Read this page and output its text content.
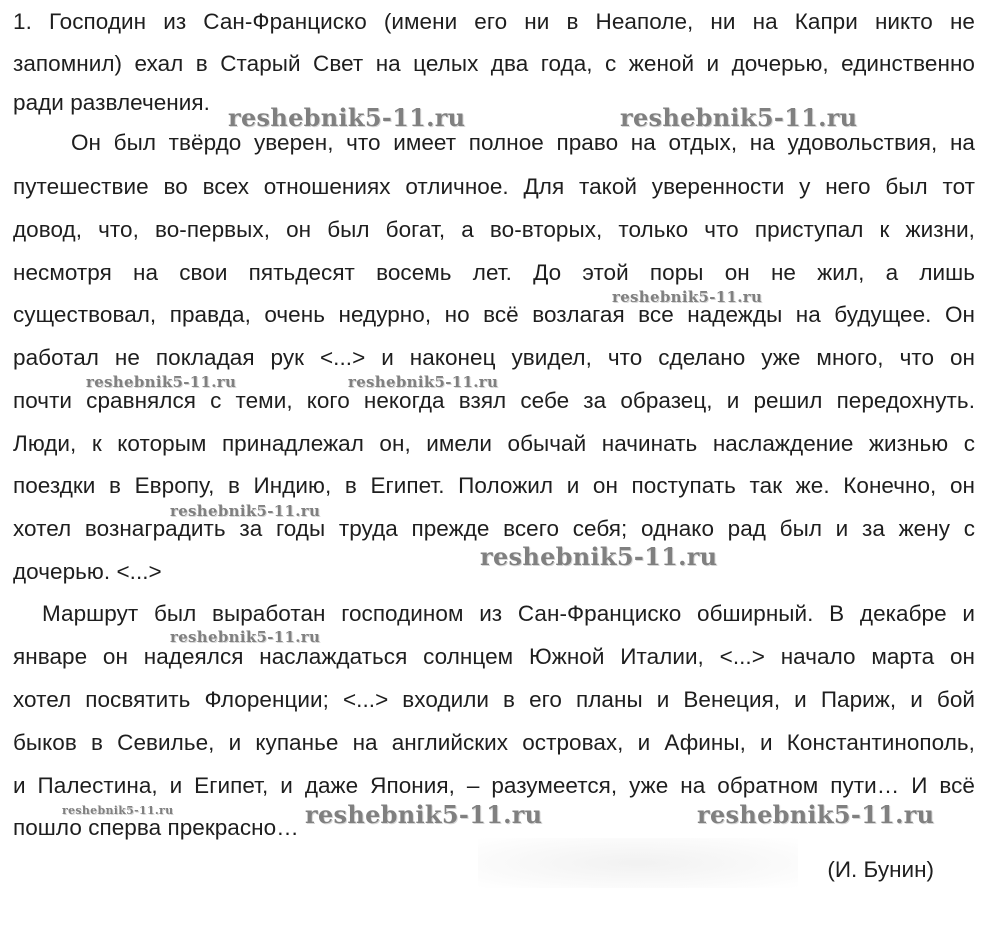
1. Господин из Сан-Франциско (имени его ни в Неаполе, ни на Капри никто не
запомнил) ехал в Старый Свет на целых два года, с женой и дочерью, единственно
ради развлечения.
Он был твёрдо уверен, что имеет полное право на отдых, на удовольствия, на
путешествие во всех отношениях отличное. Для такой уверенности у него был тот
довод, что, во-первых, он был богат, а во-вторых, только что приступал к жизни,
несмотря на свои пятьдесят восемь лет. До этой поры он не жил, а лишь
существовал, правда, очень недурно, но всё возлагая все надежды на будущее. Он
работал не покладая рук <...> и наконец увидел, что сделано уже много, что он
почти сравнялся с теми, кого некогда взял себе за образец, и решил передохнуть.
Люди, к которым принадлежал он, имели обычай начинать наслаждение жизнью с
поездки в Европу, в Индию, в Египет. Положил и он поступать так же. Конечно, он
хотел вознаградить за годы труда прежде всего себя; однако рад был и за жену с
дочерью. <...>
Маршрут был выработан господином из Сан-Франциско обширный. В декабре и
январе он надеялся наслаждаться солнцем Южной Италии, <...> начало марта он
хотел посвятить Флоренции; <...> входили в его планы и Венеция, и Париж, и бой
быков в Севилье, и купанье на английских островах, и Афины, и Константинополь,
и Палестина, и Египет, и даже Япония, – разумеется, уже на обратном пути… И всё
пошло сперва прекрасно…
(И. Бунин)
reshebnik5-11.ru	reshebnik5-11.ru
reshebnik5-11.ru
reshebnik5-11.ru	reshebnik5-11.ru
reshebnik5-11.ru
reshebnik5-11.ru
reshebnik5-11.ru
reshebnik5-11.ru	reshebnik5-11.ru	reshebnik5-11.ru
